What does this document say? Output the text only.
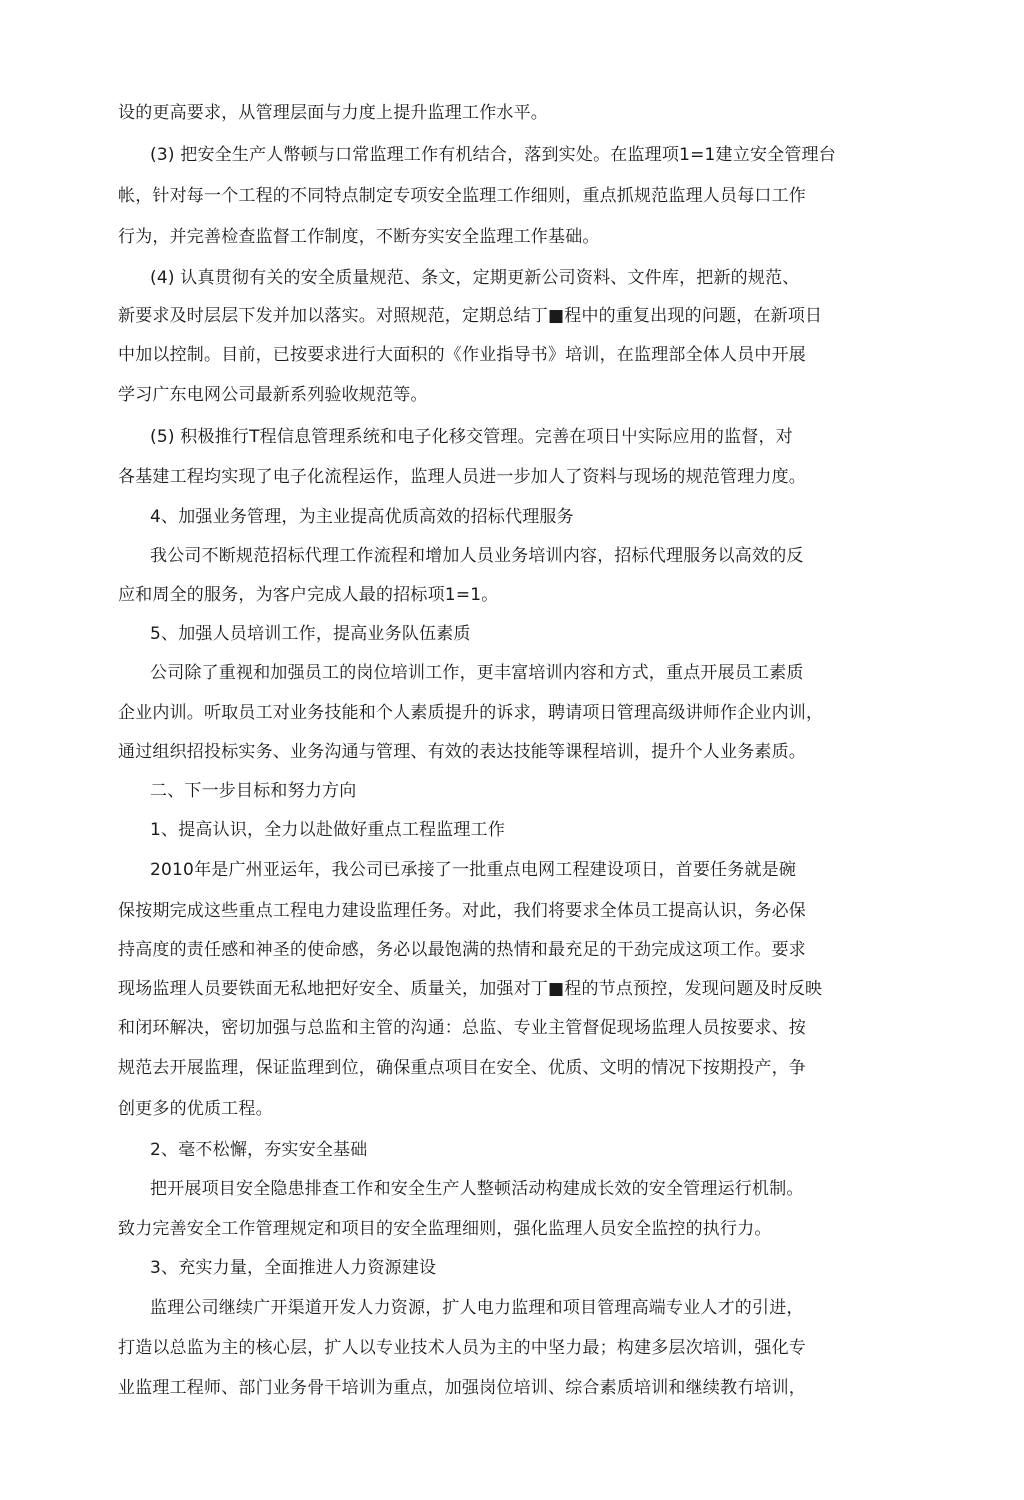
设的更高要求，从管理层面与力度上提升监理工作水平。
(3) 把安全生产人幣顿与口常监理工作有机结合，落到实处。在监理项1=1建立安全管理台
帐，针对每一个工程的不同特点制定专项安全监理工作细则，重点抓规范监理人员每口工作
行为，并完善检查监督工作制度，不断夯实安全监理工作基础。
(4) 认真贯彻有关的安全质量规范、条文，定期更新公司资料、文件库，把新的规范、
新要求及时层层下发并加以落实。对照规范，定期总结丁■程中的重复出现的问题，在新项日
中加以控制。目前，已按要求进行大面积的《作业指导书》培训，在监理部全体人员中开展
学习广东电网公司最新系列验收规范等。
(5) 积极推行T程信息管理系统和电子化移交管理。完善在项日屮实际应用的监督，对
各基建工程均实现了电子化流程运作，监理人员进一步加人了资料与现场的规范管理力度。
4、加强业务管理，为主业提高优质高效的招标代理服务
我公司不断规范招标代理工作流程和增加人员业务培训内容，招标代理服务以高效的反
应和周全的服务，为客户完成人最的招标项1=1。
5、加强人员培训工作，提高业务队伍素质
公司除了重视和加强员工的岗位培训工作，更丰富培训内容和方式，重点开展员工素质
企业内训。听取员工对业务技能和个人素质提升的诉求，聘请项日管理高级讲师作企业内训，
通过组织招投标实务、业务沟通与管理、有效的表达技能等课程培训，提升个人业务素质。
二、下一步目标和努力方向
1、提高认识，全力以赴做好重点工程监理工作
2010年是广州亚运年，我公司已承接了一批重点电网工程建设项日，首要任务就是碗
保按期完成这些重点工程电力建设监理任务。对此，我们将要求全体员工提高认识，务必保
持高度的责任感和神圣的使命感，务必以最饱满的热情和最充足的干劲完成这项工作。要求
现场监理人员要铁面无私地把好安全、质量关，加强对丁■程的节点预控，发现问题及时反映
和闭环解决，密切加强与总监和主管的沟通：总监、专业主管督促现场监理人员按要求、按
规范去开展监理，保证监理到位，确保重点项目在安全、优质、文明的情况下按期投产，争
创更多的优质工程。
2、毫不松懈，夯实安全基础
把开展项目安全隐患排查工作和安全生产人整顿活动构建成长效的安全管理运行机制。
致力完善安全工作管理规定和项目的安全监理细则，强化监理人员安全监控的执行力。
3、充实力量，全面推进人力资源建设
监理公司继续广开渠道开发人力资源，扩人电力监理和项目管理高端专业人才的引进，
打造以总监为主的核心层，扩人以专业技术人员为主的中坚力最；构建多层次培训，强化专
业监理工程师、部门业务骨干培训为重点，加强岗位培训、综合素质培训和继续教冇培训，
